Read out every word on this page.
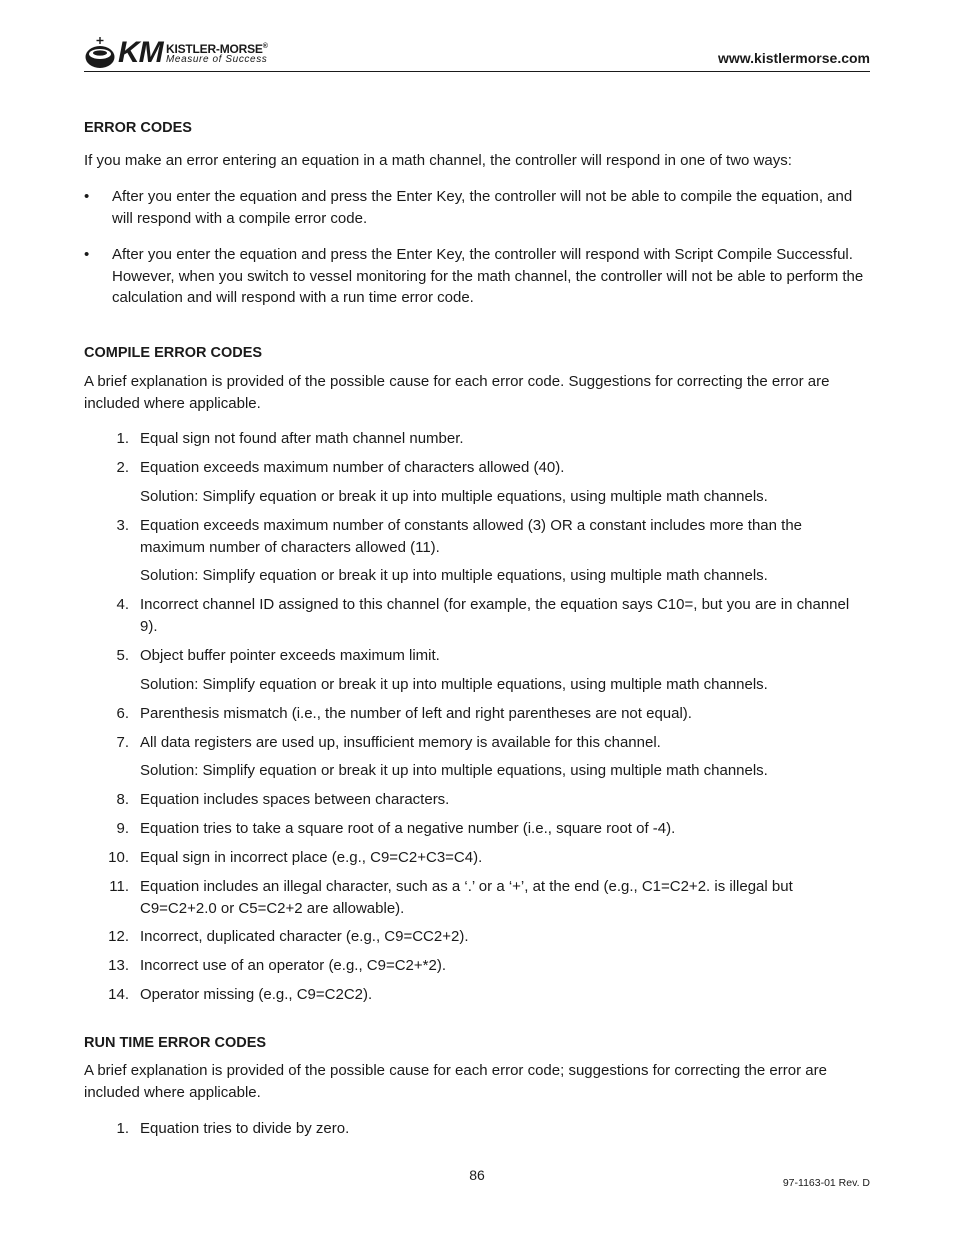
KM KISTLER-MORSE®
Measure of Success	www.kistlermorse.com
ERROR CODES
If you make an error entering an equation in a math channel, the controller will respond in one of two ways:
• After you enter the equation and press the Enter Key, the controller will not be able to compile the equation, and will respond with a compile error code.
• After you enter the equation and press the Enter Key, the controller will respond with Script Compile Successful. However, when you switch to vessel monitoring for the math channel, the controller will not be able to perform the calculation and will respond with a run time error code.
COMPILE ERROR CODES
A brief explanation is provided of the possible cause for each error code. Suggestions for correcting the error are included where applicable.
1. Equal sign not found after math channel number.
2. Equation exceeds maximum number of characters allowed (40).
Solution: Simplify equation or break it up into multiple equations, using multiple math channels.
3. Equation exceeds maximum number of constants allowed (3) OR a constant includes more than the maximum number of characters allowed (11).
Solution: Simplify equation or break it up into multiple equations, using multiple math channels.
4. Incorrect channel ID assigned to this channel (for example, the equation says C10=, but you are in channel 9).
5. Object buffer pointer exceeds maximum limit.
Solution: Simplify equation or break it up into multiple equations, using multiple math channels.
6. Parenthesis mismatch (i.e., the number of left and right parentheses are not equal).
7. All data registers are used up, insufficient memory is available for this channel.
Solution: Simplify equation or break it up into multiple equations, using multiple math channels.
8. Equation includes spaces between characters.
9. Equation tries to take a square root of a negative number (i.e., square root of -4).
10. Equal sign in incorrect place (e.g., C9=C2+C3=C4).
11. Equation includes an illegal character, such as a ‘.’ or a ‘+’, at the end (e.g., C1=C2+2. is illegal but C9=C2+2.0 or C5=C2+2 are allowable).
12. Incorrect, duplicated character (e.g., C9=CC2+2).
13. Incorrect use of an operator (e.g., C9=C2+*2).
14. Operator missing (e.g., C9=C2C2).
RUN TIME ERROR CODES
A brief explanation is provided of the possible cause for each error code; suggestions for correcting the error are included where applicable.
1. Equation tries to divide by zero.
86	97-1163-01 Rev. D
